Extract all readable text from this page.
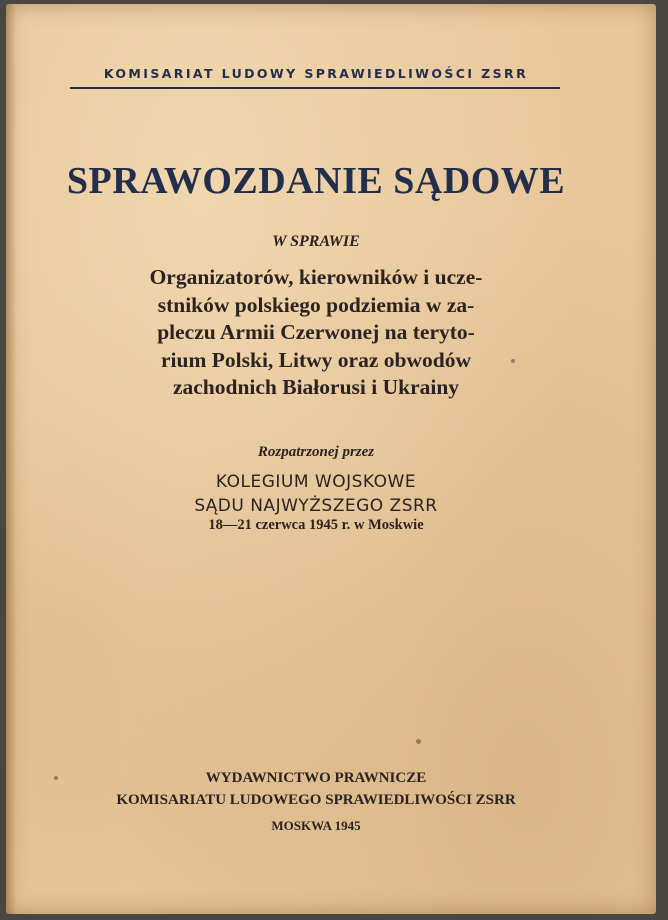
KOMISARIAT LUDOWY SPRAWIEDLIWOŚCI ZSRR
SPRAWOZDANIE SĄDOWE
W SPRAWIE
Organizatorów, kierowników i ucze-
stników polskiego podziemia w za-
pleczu Armii Czerwonej na teryto-
rium Polski, Litwy oraz obwodów
zachodnich Białorusi i Ukrainy
Rozpatrzonej przez
KOLEGIUM WOJSKOWE
SĄDU NAJWYŻSZEGO ZSRR
18—21 czerwca 1945 r. w Moskwie
WYDAWNICTWO PRAWNICZE
KOMISARIATU LUDOWEGO SPRAWIEDLIWOŚCI ZSRR
MOSKWA 1945
